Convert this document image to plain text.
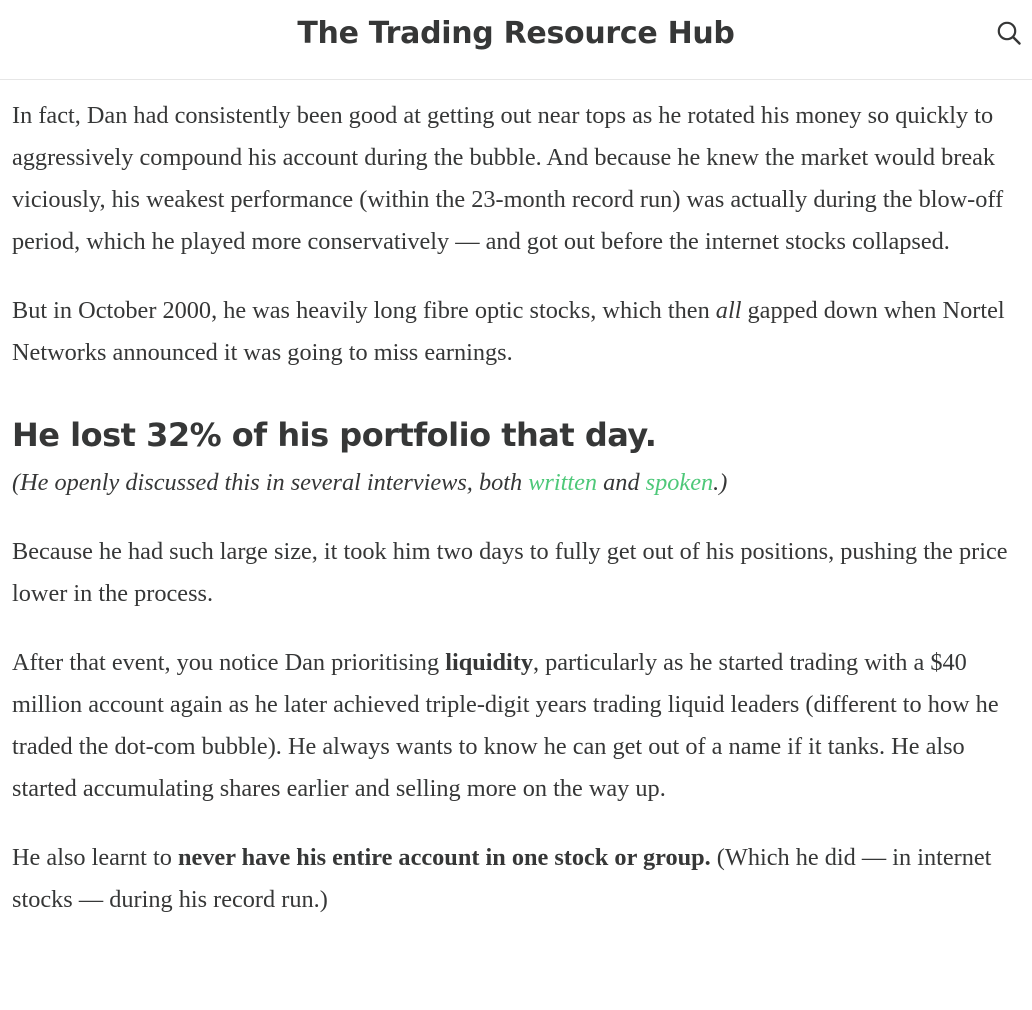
The Trading Resource Hub

In fact, Dan had consistently been good at getting out near tops as he rotated his money so quickly to aggressively compound his account during the bubble. And because he knew the market would break viciously, his weakest performance (within the 23-month record run) was actually during the blow-off period, which he played more conservatively — and got out before the internet stocks collapsed.

But in October 2000, he was heavily long fibre optic stocks, which then all gapped down when Nortel Networks announced it was going to miss earnings.

He lost 32% of his portfolio that day.

(He openly discussed this in several interviews, both written and spoken.)

Because he had such large size, it took him two days to fully get out of his positions, pushing the price lower in the process.

After that event, you notice Dan prioritising liquidity, particularly as he started trading with a $40 million account again as he later achieved triple-digit years trading liquid leaders (different to how he traded the dot-com bubble). He always wants to know he can get out of a name if it tanks. He also started accumulating shares earlier and selling more on the way up.

He also learnt to never have his entire account in one stock or group. (Which he did — in internet stocks — during his record run.)
